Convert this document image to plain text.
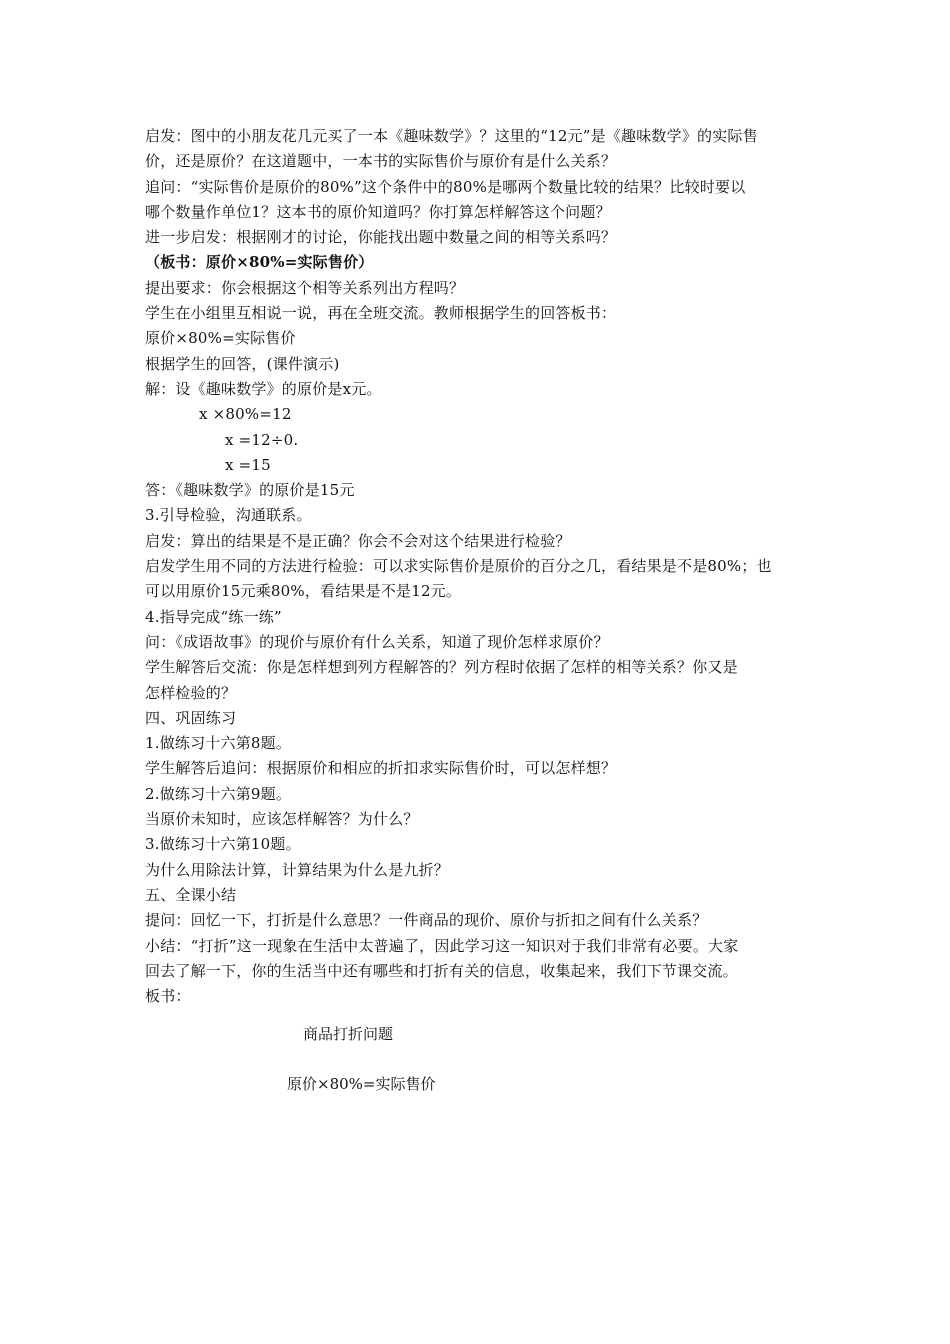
启发：图中的小朋友花几元买了一本《趣味数学》？这里的“12元”是《趣味数学》的实际售
价，还是原价？在这道题中，一本书的实际售价与原价有是什么关系？
追问：“实际售价是原价的80%”这个条件中的80%是哪两个数量比较的结果？比较时要以
哪个数量作单位1？这本书的原价知道吗？你打算怎样解答这个问题？
进一步启发：根据刚才的讨论，你能找出题中数量之间的相等关系吗？
（板书：原价×80%=实际售价）
提出要求：你会根据这个相等关系列出方程吗？
学生在小组里互相说一说，再在全班交流。教师根据学生的回答板书：
原价×80%=实际售价
根据学生的回答，(课件演示)
解：设《趣味数学》的原价是x元。
x ×80%=12
x =12÷0.
x =15
答：《趣味数学》的原价是15元
3.引导检验，沟通联系。
启发：算出的结果是不是正确？你会不会对这个结果进行检验？
启发学生用不同的方法进行检验：可以求实际售价是原价的百分之几，看结果是不是80%；也
可以用原价15元乘80%，看结果是不是12元。
4.指导完成“练一练”
问：《成语故事》的现价与原价有什么关系，知道了现价怎样求原价？
学生解答后交流：你是怎样想到列方程解答的？列方程时依据了怎样的相等关系？你又是
怎样检验的？
四、巩固练习
1.做练习十六第8题。
学生解答后追问：根据原价和相应的折扣求实际售价时，可以怎样想？
2.做练习十六第9题。
当原价未知时，应该怎样解答？为什么？
3.做练习十六第10题。
为什么用除法计算，计算结果为什么是九折？
五、全课小结
提问：回忆一下，打折是什么意思？一件商品的现价、原价与折扣之间有什么关系？
小结：“打折”这一现象在生活中太普遍了，因此学习这一知识对于我们非常有必要。大家
回去了解一下，你的生活当中还有哪些和打折有关的信息，收集起来，我们下节课交流。
板书：
商品打折问题
原价×80%=实际售价
